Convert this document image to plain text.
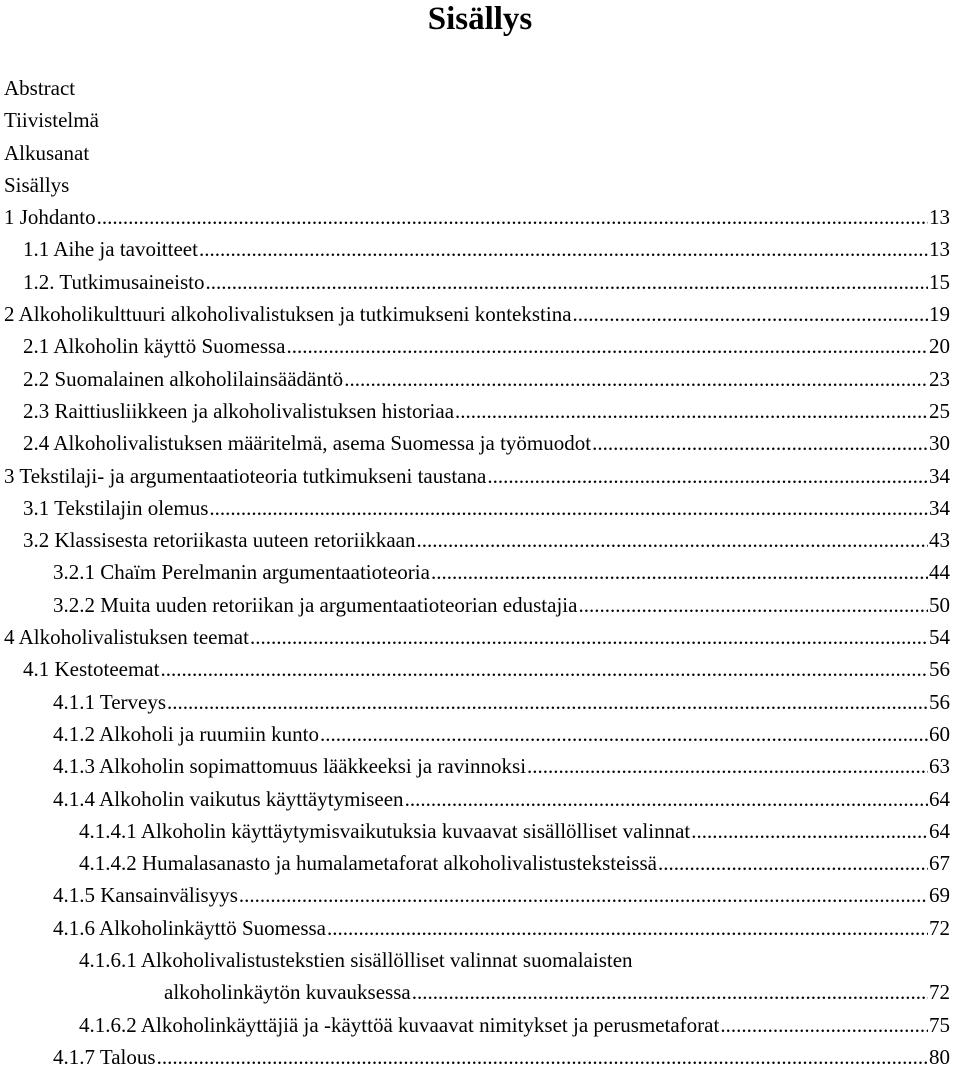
Sisällys
Abstract
Tiivistelmä
Alkusanat
Sisällys
1 Johdanto .....	13
1.1 Aihe ja tavoitteet .....	13
1.2. Tutkimusaineisto .....	15
2 Alkoholikulttuuri alkoholivalistuksen ja tutkimukseni kontekstina .....	19
2.1 Alkoholin käyttö Suomessa .....	20
2.2 Suomalainen alkoholilainsäädäntö .....	23
2.3 Raittiusliikkeen ja alkoholivalistuksen historiaa .....	25
2.4 Alkoholivalistuksen määritelmä, asema Suomessa ja työmuodot .....	30
3 Tekstilaji- ja argumentaatioteoria tutkimukseni taustana .....	34
3.1 Tekstilajin olemus .....	34
3.2 Klassisesta retoriikasta uuteen retoriikkaan .....	43
3.2.1 Chaïm Perelmanin argumentaatioteoria .....	44
3.2.2 Muita uuden retoriikan ja argumentaatioteorian edustajia .....	50
4 Alkoholivalistuksen teemat .....	54
4.1 Kestoteemat .....	56
4.1.1 Terveys .....	56
4.1.2 Alkoholi ja ruumiin kunto .....	60
4.1.3 Alkoholin sopimattomuus lääkkeeksi ja ravinnoksi .....	63
4.1.4 Alkoholin vaikutus käyttäytymiseen .....	64
4.1.4.1 Alkoholin käyttäytymisvaikutuksia kuvaavat sisällölliset valinnat .....	64
4.1.4.2 Humalasanasto ja humalametaforat alkoholivalistusteksteissä .....	67
4.1.5 Kansainvälisyys .....	69
4.1.6 Alkoholinkäyttö Suomessa .....	72
4.1.6.1 Alkoholivalistustekstien sisällölliset valinnat suomalaisten
alkoholinkäytön kuvauksessa .....	72
4.1.6.2 Alkoholinkäyttäjiä ja -käyttöä kuvaavat nimitykset ja perusmetaforat .....	75
4.1.7 Talous .....	80
